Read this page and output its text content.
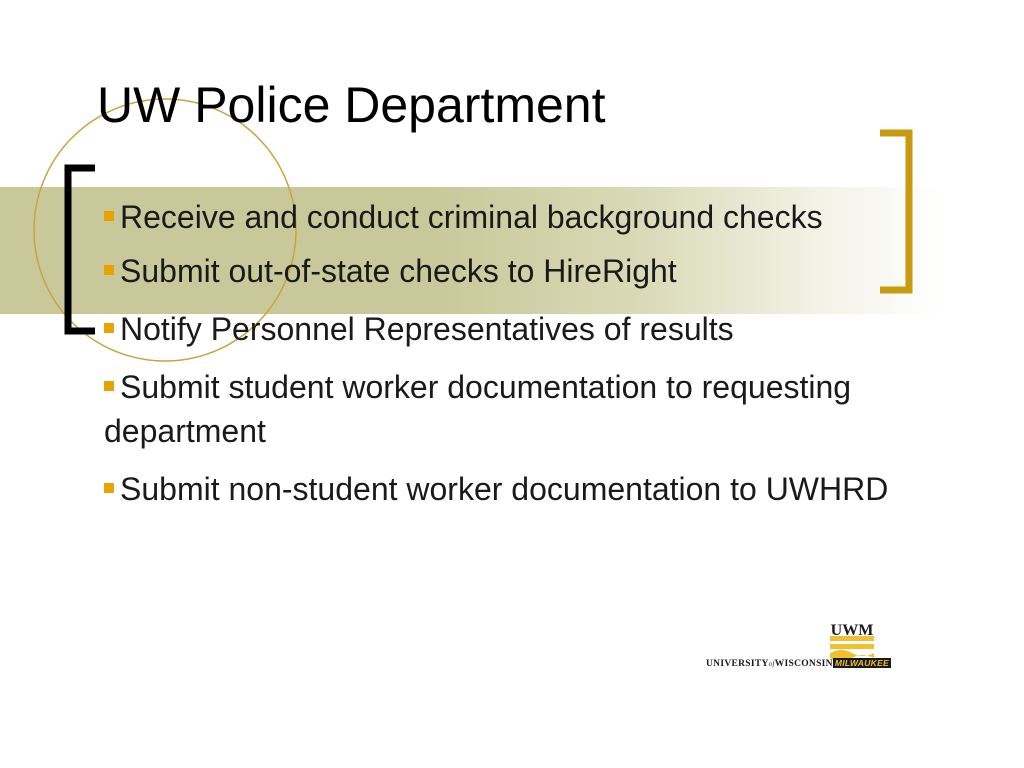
UW Police Department
Receive and conduct criminal background checks
Submit out-of-state checks to HireRight
Notify Personnel Representatives of results
Submit student worker documentation to requesting department
Submit non-student worker documentation to UWHRD
UWM
UNIVERSITYofWISCONSIN MILWAUKEE
